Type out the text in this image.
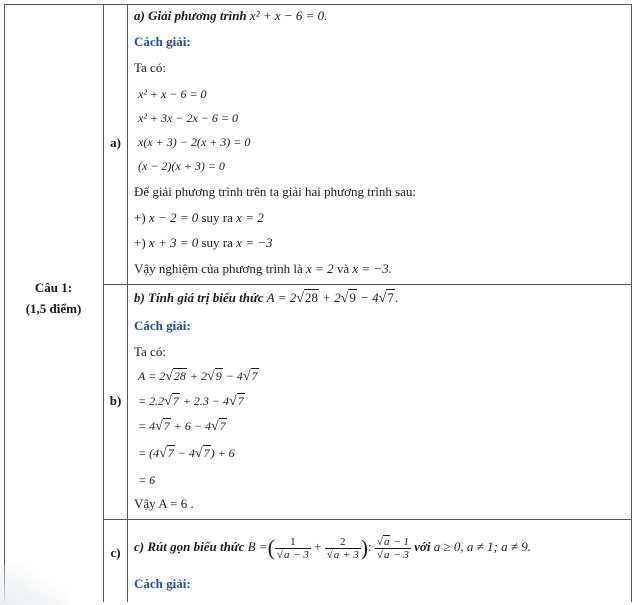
Câu 1:
(1,5 điểm)
a)
b)
c)
a) Giải phương trình x² + x − 6 = 0.
Cách giải:
Ta có:
x² + x − 6 = 0
x² + 3x − 2x − 6 = 0
x(x + 3) − 2(x + 3) = 0
(x − 2)(x + 3) = 0
Để giải phương trình trên ta giải hai phương trình sau:
+) x − 2 = 0 suy ra x = 2
+) x + 3 = 0 suy ra x = −3
Vậy nghiệm của phương trình là x = 2 và x = −3.
b) Tính giá trị biểu thức A = 2√28 + 2√9 − 4√7.
Cách giải:
Ta có:
A = 2√28 + 2√9 − 4√7
= 2.2√7 + 2.3 − 4√7
= 4√7 + 6 − 4√7
= (4√7 − 4√7) + 6
= 6
Vậy A = 6 .
c) Rút gọn biểu thức B =( $\frac{1}{√a - 3} + \frac{2}{√a + 3}$ ): $\frac{√a - 1}{√a - 3}$ với a ≥ 0, a ≠ 1; a ≠ 9.
Cách giải:
